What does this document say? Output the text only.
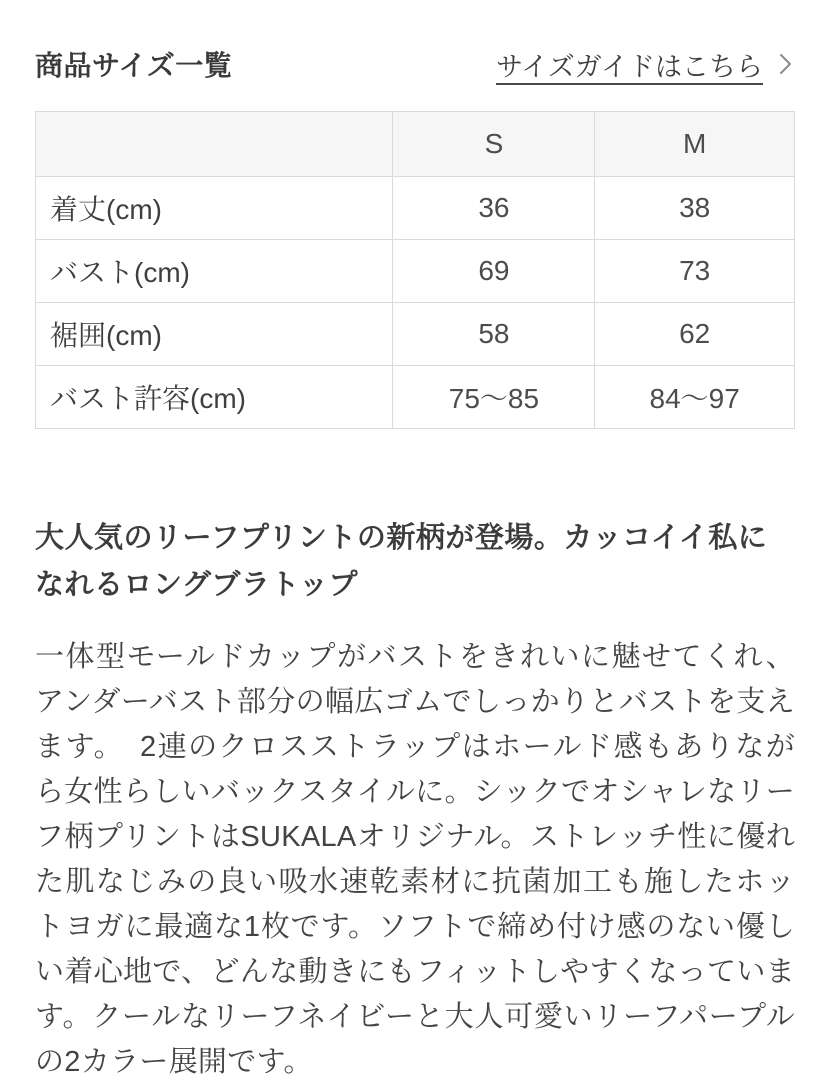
商品サイズ一覧	サイズガイドはこちら
	S	M
着丈(cm)	36	38
バスト(cm)	69	73
裾囲(cm)	58	62
バスト許容(cm)	75〜85	84〜97

大人気のリーフプリントの新柄が登場。カッコイイ私になれるロングブラトップ

一体型モールドカップがバストをきれいに魅せてくれ、アンダーバスト部分の幅広ゴムでしっかりとバストを支えます。　2連のクロスストラップはホールド感もありながら女性らしいバックスタイルに。シックでオシャレなリーフ柄プリントはSUKALAオリジナル。ストレッチ性に優れた肌なじみの良い吸水速乾素材に抗菌加工も施したホットヨガに最適な1枚です。ソフトで締め付け感のない優しい着心地で、どんな動きにもフィットしやすくなっています。クールなリーフネイビーと大人可愛いリーフパープルの2カラー展開です。
